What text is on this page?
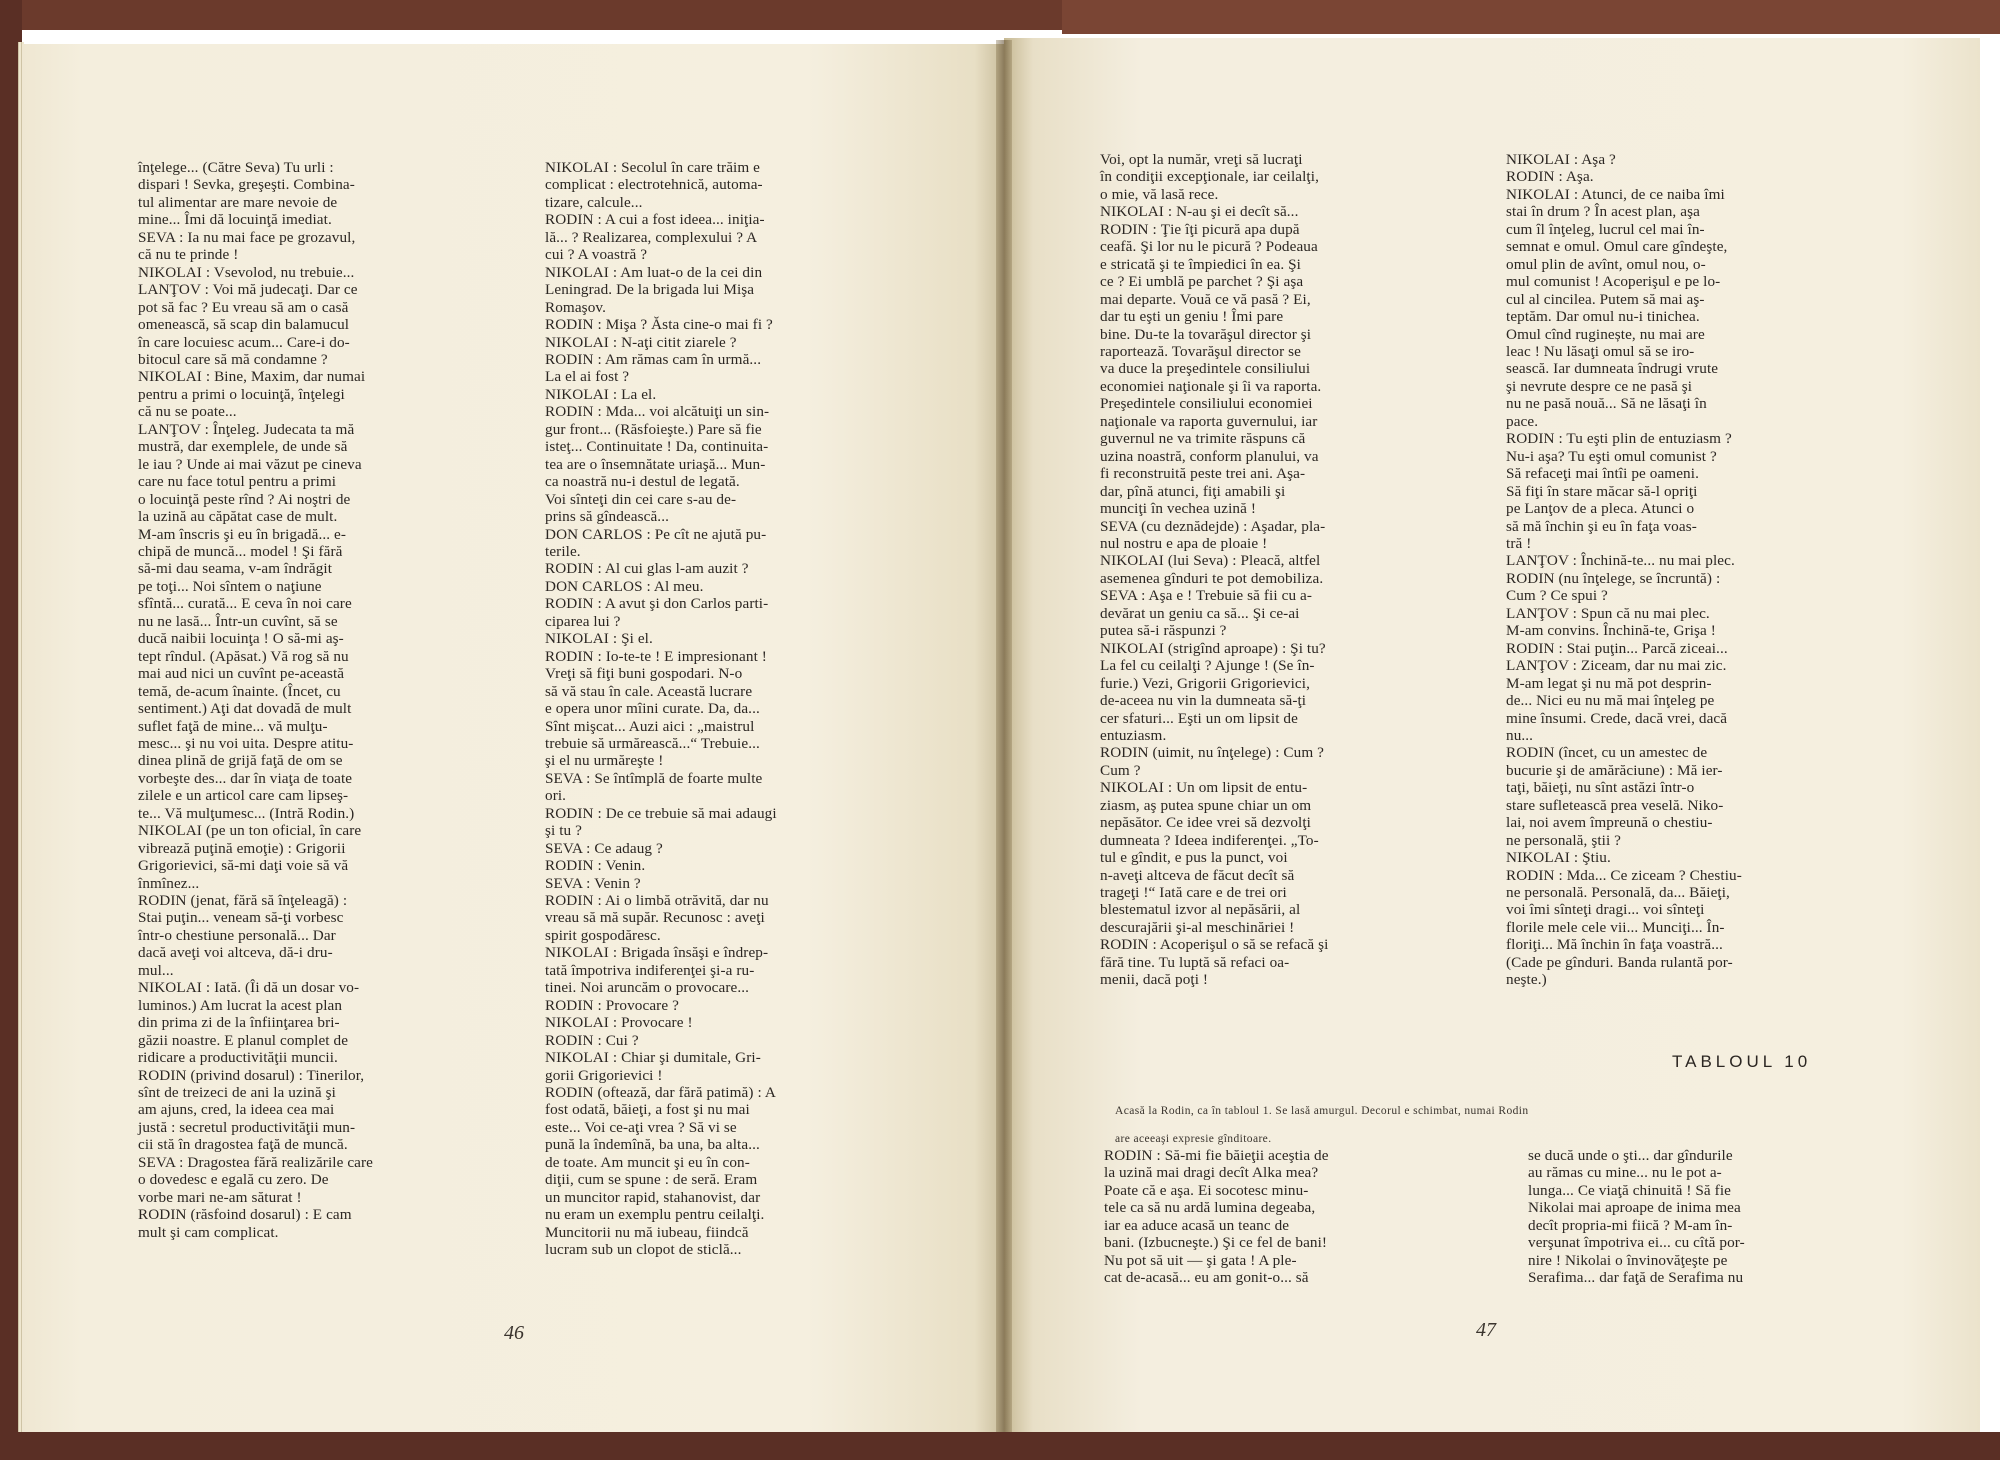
înţelege... (Către Seva) Tu urli :

dispari ! Sevka, greşeşti. Combina-

tul alimentar are mare nevoie de

mine... Îmi dă locuinţă imediat.

SEVA : Ia nu mai face pe grozavul,

că nu te prinde !

NIKOLAI : Vsevolod, nu trebuie...

LANŢOV : Voi mă judecaţi. Dar ce

pot să fac ? Eu vreau să am o casă

omenească, să scap din balamucul

în care locuiesc acum... Care-i do-

bitocul care să mă condamne ?

NIKOLAI : Bine, Maxim, dar numai

pentru a primi o locuinţă, înţelegi

că nu se poate...

LANŢOV : Înţeleg. Judecata ta mă

mustră, dar exemplele, de unde să

le iau ? Unde ai mai văzut pe cineva

care nu face totul pentru a primi

o locuinţă peste rînd ? Ai noştri de

la uzină au căpătat case de mult.

M-am înscris şi eu în brigadă... e-

chipă de muncă... model ! Şi fără

să-mi dau seama, v-am îndrăgit

pe toţi... Noi sîntem o naţiune

sfîntă... curată... E ceva în noi care

nu ne lasă... Într-un cuvînt, să se

ducă naibii locuinţa ! O să-mi aş-

tept rîndul. (Apăsat.) Vă rog să nu

mai aud nici un cuvînt pe-această

temă, de-acum înainte. (Încet, cu

sentiment.) Aţi dat dovadă de mult

suflet faţă de mine... vă mulţu-

mesc... şi nu voi uita. Despre atitu-

dinea plină de grijă faţă de om se

vorbeşte des... dar în viaţa de toate

zilele e un articol care cam lipseş-

te... Vă mulţumesc... (Intră Rodin.)

NIKOLAI (pe un ton oficial, în care

vibrează puţină emoţie) : Grigorii

Grigorievici, să-mi daţi voie să vă

înmînez...

RODIN (jenat, fără să înţeleagă) :

Stai puţin... veneam să-ţi vorbesc

într-o chestiune personală... Dar

dacă aveţi voi altceva, dă-i dru-

mul...

NIKOLAI : Iată. (Îi dă un dosar vo-

luminos.) Am lucrat la acest plan

din prima zi de la înfiinţarea bri-

găzii noastre. E planul complet de

ridicare a productivităţii muncii.

RODIN (privind dosarul) : Tinerilor,

sînt de treizeci de ani la uzină şi

am ajuns, cred, la ideea cea mai

justă : secretul productivităţii mun-

cii stă în dragostea faţă de muncă.

SEVA : Dragostea fără realizările care

o dovedesc e egală cu zero. De

vorbe mari ne-am săturat !

RODIN (răsfoind dosarul) : E cam

mult şi cam complicat.

NIKOLAI : Secolul în care trăim e

complicat : electrotehnică, automa-

tizare, calcule...

RODIN : A cui a fost ideea... iniţia-

lă... ? Realizarea, complexului ? A

cui ? A voastră ?

NIKOLAI : Am luat-o de la cei din

Leningrad. De la brigada lui Mişa

Romaşov.

RODIN : Mişa ? Ăsta cine-o mai fi ?

NIKOLAI : N-aţi citit ziarele ?

RODIN : Am rămas cam în urmă...

La el ai fost ?

NIKOLAI : La el.

RODIN : Mda... voi alcătuiţi un sin-

gur front... (Răsfoieşte.) Pare să fie

isteţ... Continuitate ! Da, continuita-

tea are o însemnătate uriaşă... Mun-

ca noastră nu-i destul de legată.

Voi sînteţi din cei care s-au de-

prins să gîndească...

DON CARLOS : Pe cît ne ajută pu-

terile.

RODIN : Al cui glas l-am auzit ?

DON CARLOS : Al meu.

RODIN : A avut şi don Carlos parti-

ciparea lui ?

NIKOLAI : Şi el.

RODIN : Io-te-te ! E impresionant !

Vreţi să fiţi buni gospodari. N-o

să vă stau în cale. Această lucrare

e opera unor mîini curate. Da, da...

Sînt mişcat... Auzi aici : „maistrul

trebuie să urmărească...“ Trebuie...

şi el nu urmăreşte !

SEVA : Se întîmplă de foarte multe

ori.

RODIN : De ce trebuie să mai adaugi

şi tu ?

SEVA : Ce adaug ?

RODIN : Venin.

SEVA : Venin ?

RODIN : Ai o limbă otrăvită, dar nu

vreau să mă supăr. Recunosc : aveţi

spirit gospodăresc.

NIKOLAI : Brigada însăşi e îndrep-

tată împotriva indiferenţei şi-a ru-

tinei. Noi aruncăm o provocare...

RODIN : Provocare ?

NIKOLAI : Provocare !

RODIN : Cui ?

NIKOLAI : Chiar şi dumitale, Gri-

gorii Grigorievici !

RODIN (oftează, dar fără patimă) : A

fost odată, băieţi, a fost şi nu mai

este... Voi ce-aţi vrea ? Să vi se

pună la îndemînă, ba una, ba alta...

de toate. Am muncit şi eu în con-

diţii, cum se spune : de seră. Eram

un muncitor rapid, stahanovist, dar

nu eram un exemplu pentru ceilalţi.

Muncitorii nu mă iubeau, fiindcă

lucram sub un clopot de sticlă...

46

Voi, opt la număr, vreţi să lucraţi

în condiţii excepţionale, iar ceilalţi,

o mie, vă lasă rece.

NIKOLAI : N-au şi ei decît să...

RODIN : Ţie îţi picură apa după

ceafă. Şi lor nu le picură ? Podeaua

e stricată şi te împiedici în ea. Şi

ce ? Ei umblă pe parchet ? Şi aşa

mai departe. Vouă ce vă pasă ? Ei,

dar tu eşti un geniu ! Îmi pare

bine. Du-te la tovarăşul director şi

raportează. Tovarăşul director se

va duce la preşedintele consiliului

economiei naţionale şi îi va raporta.

Preşedintele consiliului economiei

naţionale va raporta guvernului, iar

guvernul ne va trimite răspuns că

uzina noastră, conform planului, va

fi reconstruită peste trei ani. Aşa-

dar, pînă atunci, fiţi amabili şi

munciţi în vechea uzină !

SEVA (cu deznădejde) : Aşadar, pla-

nul nostru e apa de ploaie !

NIKOLAI (lui Seva) : Pleacă, altfel

asemenea gînduri te pot demobiliza.

SEVA : Aşa e ! Trebuie să fii cu a-

devărat un geniu ca să... Şi ce-ai

putea să-i răspunzi ?

NIKOLAI (strigînd aproape) : Şi tu?

La fel cu ceilalţi ? Ajunge ! (Se în-

furie.) Vezi, Grigorii Grigorievici,

de-aceea nu vin la dumneata să-ţi

cer sfaturi... Eşti un om lipsit de

entuziasm.

RODIN (uimit, nu înţelege) : Cum ?

Cum ?

NIKOLAI : Un om lipsit de entu-

ziasm, aş putea spune chiar un om

nepăsător. Ce idee vrei să dezvolţi

dumneata ? Ideea indiferenţei. „To-

tul e gîndit, e pus la punct, voi

n-aveţi altceva de făcut decît să

trageţi !“ Iată care e de trei ori

blestematul izvor al nepăsării, al

descurajării şi-al meschinăriei !

RODIN : Acoperişul o să se refacă şi

fără tine. Tu luptă să refaci oa-

menii, dacă poţi !

NIKOLAI : Aşa ?

RODIN : Aşa.

NIKOLAI : Atunci, de ce naiba îmi

stai în drum ? În acest plan, aşa

cum îl înţeleg, lucrul cel mai în-

semnat e omul. Omul care gîndeşte,

omul plin de avînt, omul nou, o-

mul comunist ! Acoperişul e pe lo-

cul al cincilea. Putem să mai aş-

teptăm. Dar omul nu-i tinichea.

Omul cînd ruginește, nu mai are

leac ! Nu lăsaţi omul să se iro-

sească. Iar dumneata îndrugi vrute

şi nevrute despre ce ne pasă şi

nu ne pasă nouă... Să ne lăsaţi în

pace.

RODIN : Tu eşti plin de entuziasm ?

Nu-i aşa? Tu eşti omul comunist ?

Să refaceţi mai întîi pe oameni.

Să fiţi în stare măcar să-l opriţi

pe Lanţov de a pleca. Atunci o

să mă închin şi eu în faţa voas-

tră !

LANŢOV : Închină-te... nu mai plec.

RODIN (nu înţelege, se încruntă) :

Cum ? Ce spui ?

LANŢOV : Spun că nu mai plec.

M-am convins. Închină-te, Grişa !

RODIN : Stai puţin... Parcă ziceai...

LANŢOV : Ziceam, dar nu mai zic.

M-am legat şi nu mă pot desprin-

de... Nici eu nu mă mai înţeleg pe

mine însumi. Crede, dacă vrei, dacă

nu...

RODIN (încet, cu un amestec de

bucurie şi de amărăciune) : Mă ier-

taţi, băieţi, nu sînt astăzi într-o

stare sufletească prea veselă. Niko-

lai, noi avem împreună o chestiu-

ne personală, ştii ?

NIKOLAI : Ştiu.

RODIN : Mda... Ce ziceam ? Chestiu-

ne personală. Personală, da... Băieţi,

voi îmi sînteţi dragi... voi sînteţi

florile mele cele vii... Munciţi... În-

floriţi... Mă închin în faţa voastră...

(Cade pe gînduri. Banda rulantă por-

neşte.)

TABLOUL 10

Acasă la Rodin, ca în tabloul 1. Se lasă amurgul. Decorul e schimbat, numai Rodin

are aceeaşi expresie gînditoare.

RODIN : Să-mi fie băieţii aceştia de

la uzină mai dragi decît Alka mea?

Poate că e aşa. Ei socotesc minu-

tele ca să nu ardă lumina degeaba,

iar ea aduce acasă un teanc de

bani. (Izbucneşte.) Şi ce fel de bani!

Nu pot să uit — şi gata ! A ple-

cat de-acasă... eu am gonit-o... să

se ducă unde o şti... dar gîndurile

au rămas cu mine... nu le pot a-

lunga... Ce viaţă chinuită ! Să fie

Nikolai mai aproape de inima mea

decît propria-mi fiică ? M-am în-

verşunat împotriva ei... cu cîtă por-

nire ! Nikolai o învinovăţeşte pe

Serafima... dar faţă de Serafima nu

47
